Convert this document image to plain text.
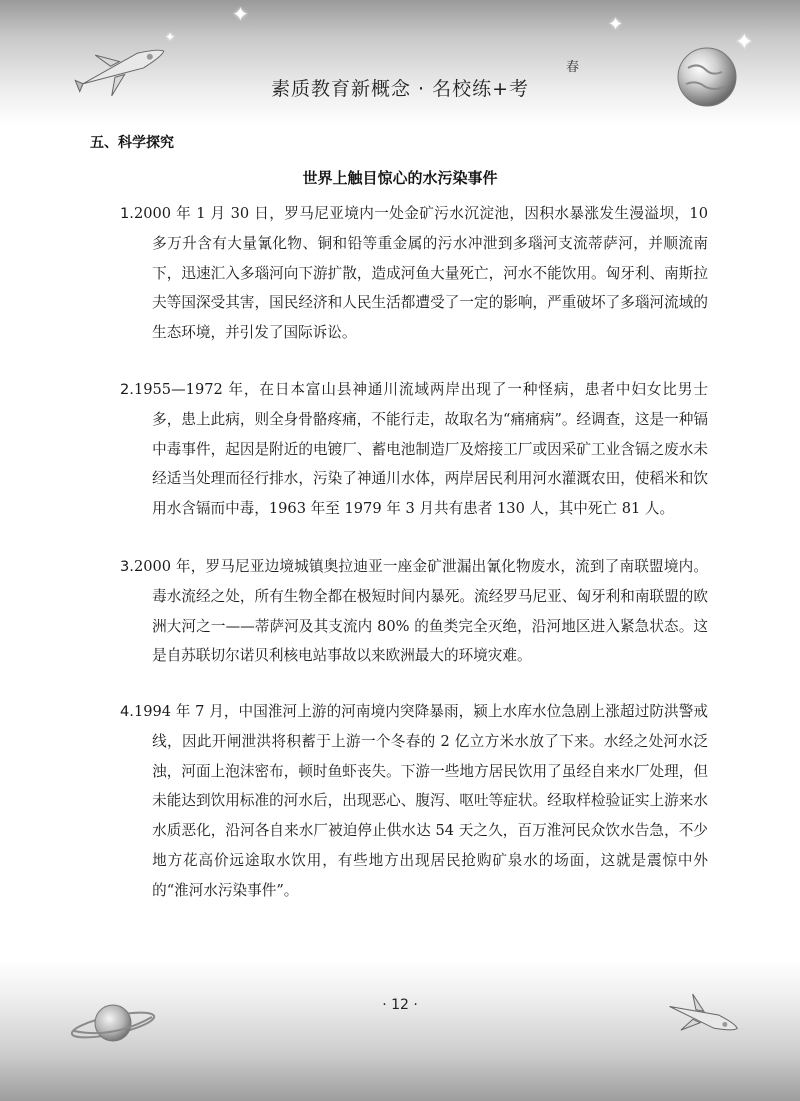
✦	✦
✦
✦
春
素质教育新概念 · 名校练+考
五、科学探究
世界上触目惊心的水污染事件
1.2000 年 1 月 30 日，罗马尼亚境内一处金矿污水沉淀池，因积水暴涨发生漫溢坝，10 多万升含有大量氰化物、铜和铅等重金属的污水冲泄到多瑙河支流蒂萨河，并顺流南下，迅速汇入多瑙河向下游扩散，造成河鱼大量死亡，河水不能饮用。匈牙利、南斯拉夫等国深受其害，国民经济和人民生活都遭受了一定的影响，严重破坏了多瑙河流域的生态环境，并引发了国际诉讼。
2.1955—1972 年，在日本富山县神通川流域两岸出现了一种怪病，患者中妇女比男士多，患上此病，则全身骨骼疼痛，不能行走，故取名为“痛痛病”。经调查，这是一种镉中毒事件，起因是附近的电镀厂、蓄电池制造厂及熔接工厂或因采矿工业含镉之废水未经适当处理而径行排水，污染了神通川水体，两岸居民利用河水灌溉农田，使稻米和饮用水含镉而中毒，1963 年至 1979 年 3 月共有患者 130 人，其中死亡 81 人。
3.2000 年，罗马尼亚边境城镇奥拉迪亚一座金矿泄漏出氰化物废水，流到了南联盟境内。毒水流经之处，所有生物全都在极短时间内暴死。流经罗马尼亚、匈牙利和南联盟的欧洲大河之一——蒂萨河及其支流内 80% 的鱼类完全灭绝，沿河地区进入紧急状态。这是自苏联切尔诺贝利核电站事故以来欧洲最大的环境灾难。
4.1994 年 7 月，中国淮河上游的河南境内突降暴雨，颍上水库水位急剧上涨超过防洪警戒线，因此开闸泄洪将积蓄于上游一个冬春的 2 亿立方米水放了下来。水经之处河水泛浊，河面上泡沫密布，顿时鱼虾丧失。下游一些地方居民饮用了虽经自来水厂处理，但未能达到饮用标准的河水后，出现恶心、腹泻、呕吐等症状。经取样检验证实上游来水水质恶化，沿河各自来水厂被迫停止供水达 54 天之久，百万淮河民众饮水告急，不少地方花高价远途取水饮用，有些地方出现居民抢购矿泉水的场面，这就是震惊中外的“淮河水污染事件”。
· 12 ·
